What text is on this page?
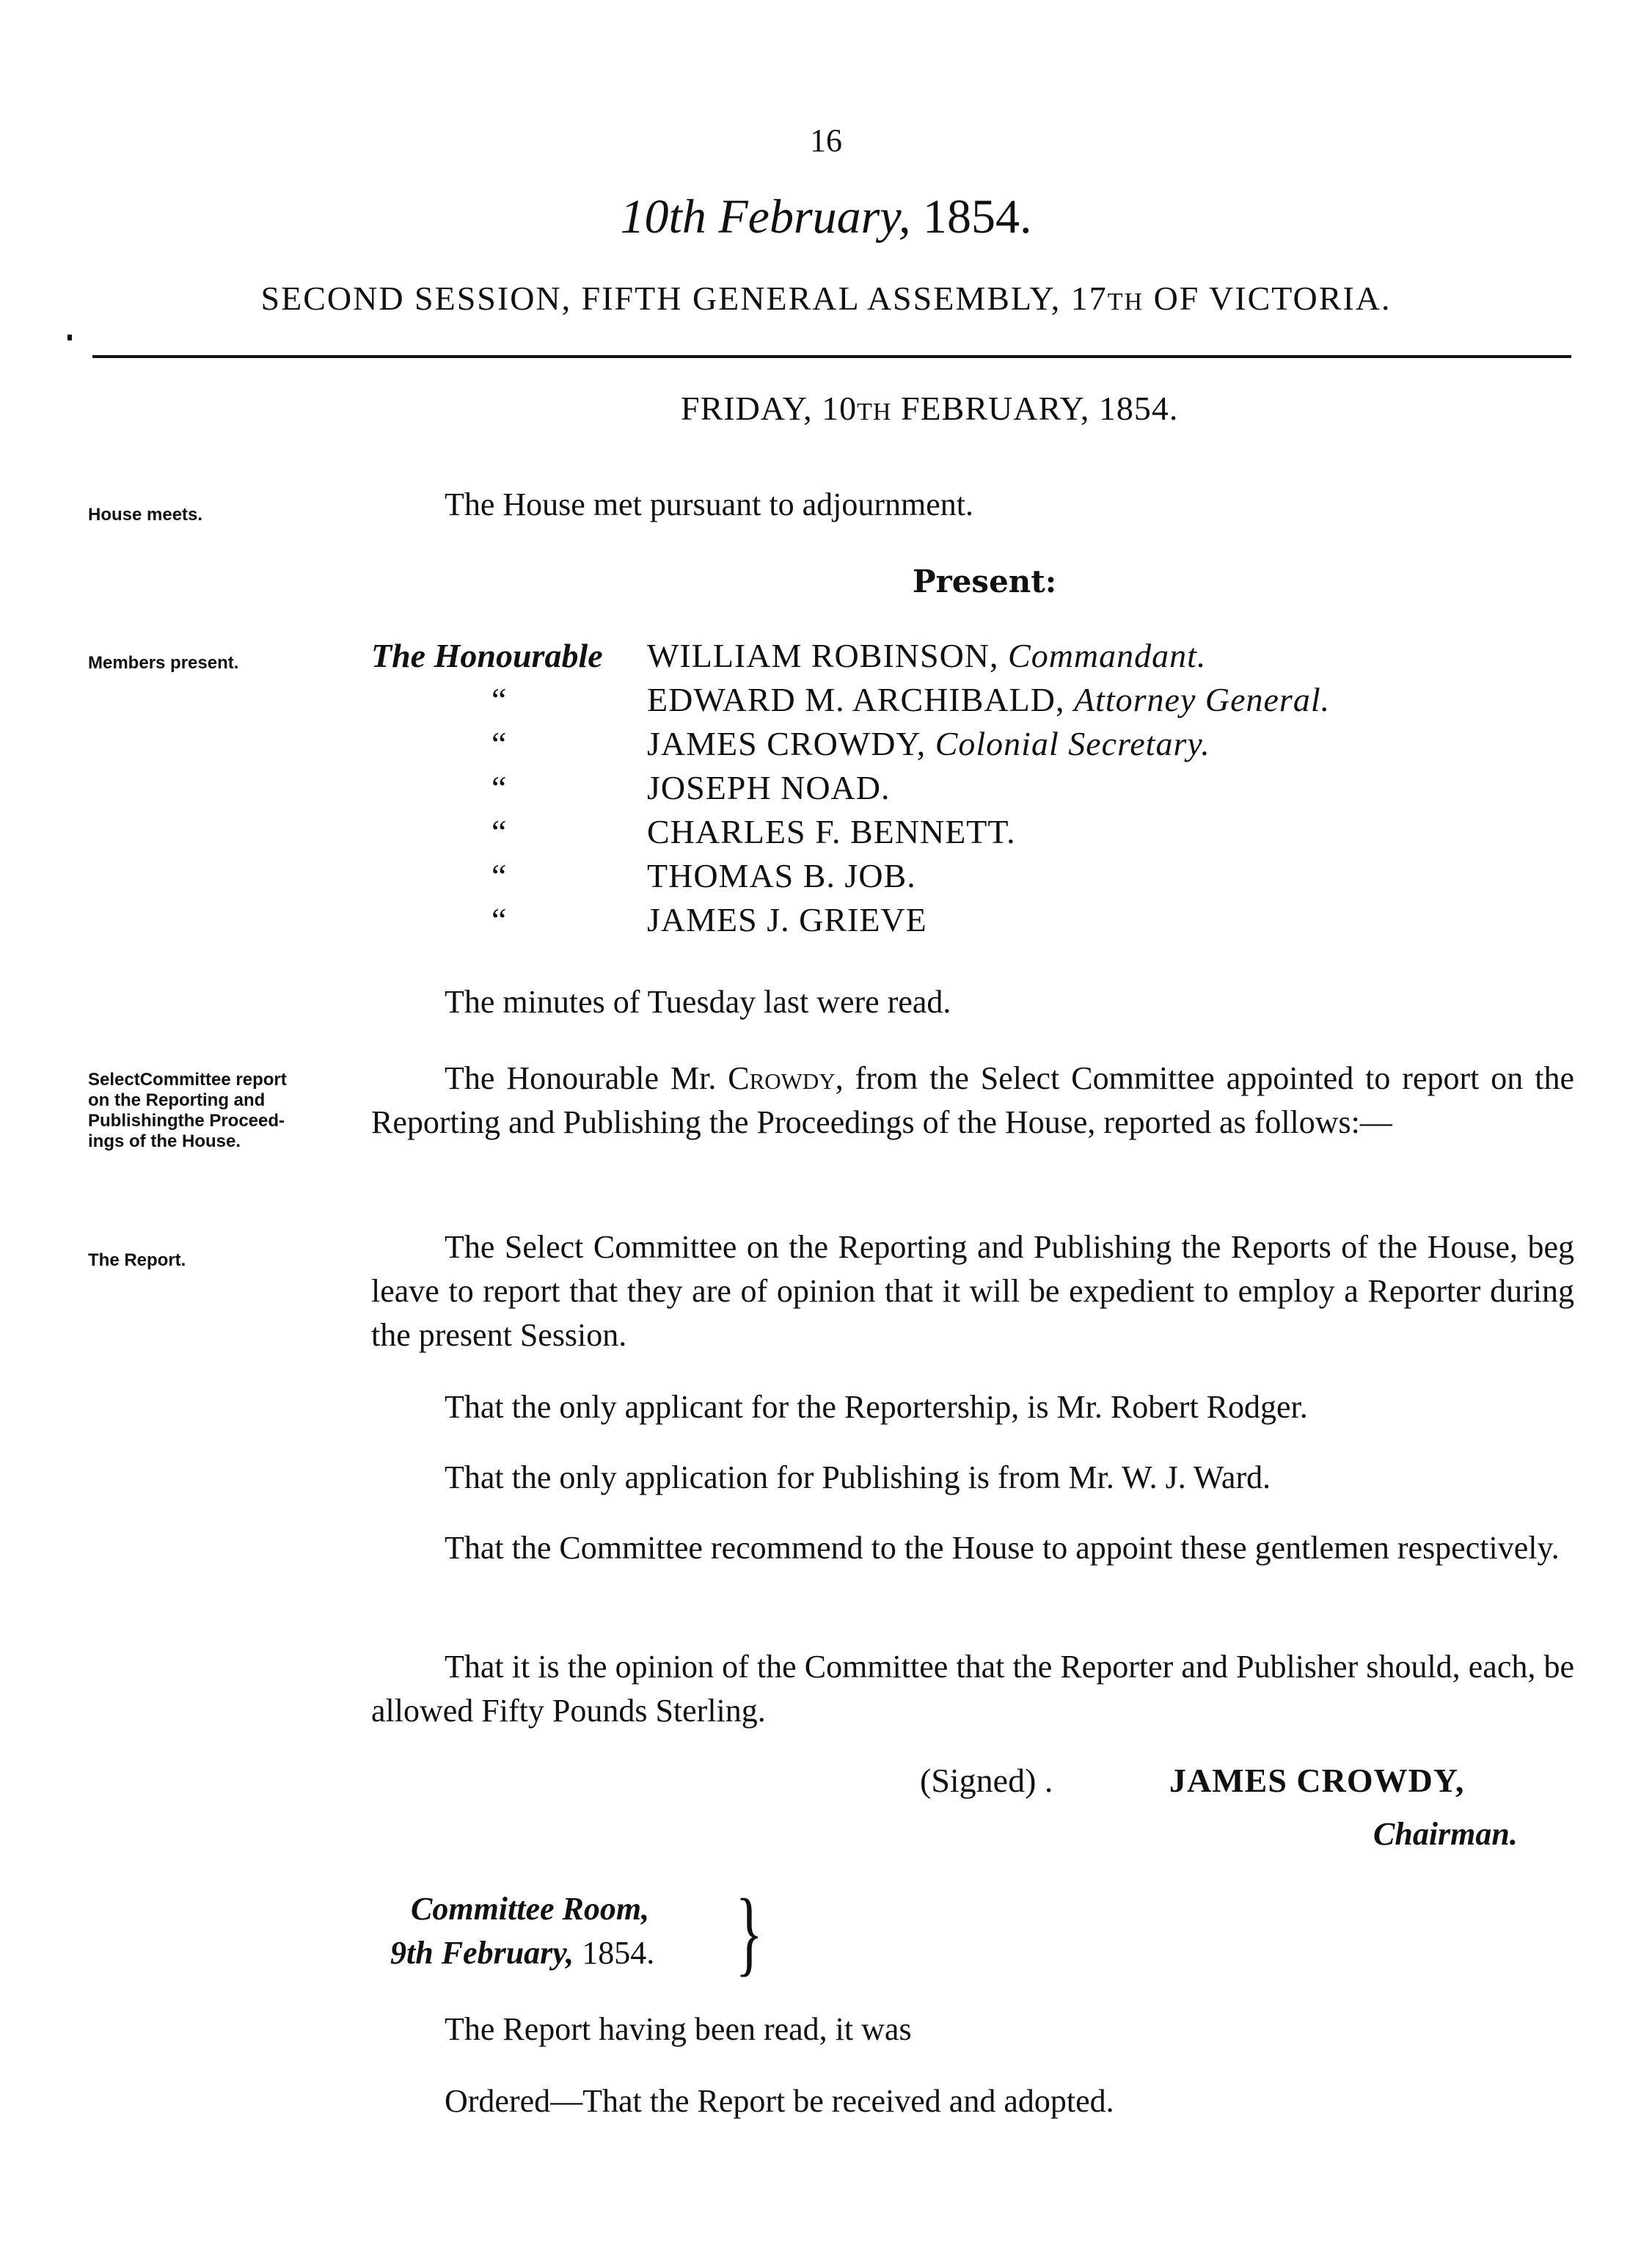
16
10th February, 1854.
SECOND SESSION, FIFTH GENERAL ASSEMBLY, 17TH OF VICTORIA.
FRIDAY, 10TH FEBRUARY, 1854.
House meets.
Members present.
SelectCommittee report
on the Reporting and
Publishingthe Proceed-
ings of the House.
The Report.
The House met pursuant to adjournment.
Present:
The Honourable WILLIAM ROBINSON, Commandant.
“	EDWARD M. ARCHIBALD, Attorney General.
“	JAMES CROWDY, Colonial Secretary.
“	JOSEPH NOAD.
“	CHARLES F. BENNETT.
“	THOMAS B. JOB.
“	JAMES J. GRIEVE
The minutes of Tuesday last were read.
The Honourable Mr. Crowdy, from the Select Committee appointed to report on the Reporting and Publishing the Proceedings of the House, reported as follows:—
The Select Committee on the Reporting and Publishing the Reports of the House, beg leave to report that they are of opinion that it will be expedient to employ a Reporter during the present Session.
That the only applicant for the Reportership, is Mr. Robert Rodger.
That the only application for Publishing is from Mr. W. J. Ward.
That the Committee recommend to the House to appoint these gentlemen respectively.
That it is the opinion of the Committee that the Reporter and Publisher should, each, be allowed Fifty Pounds Sterling.
(Signed) .	JAMES CROWDY,
Chairman.
Committee Room,
9th February, 1854. }
The Report having been read, it was
Ordered—That the Report be received and adopted.
